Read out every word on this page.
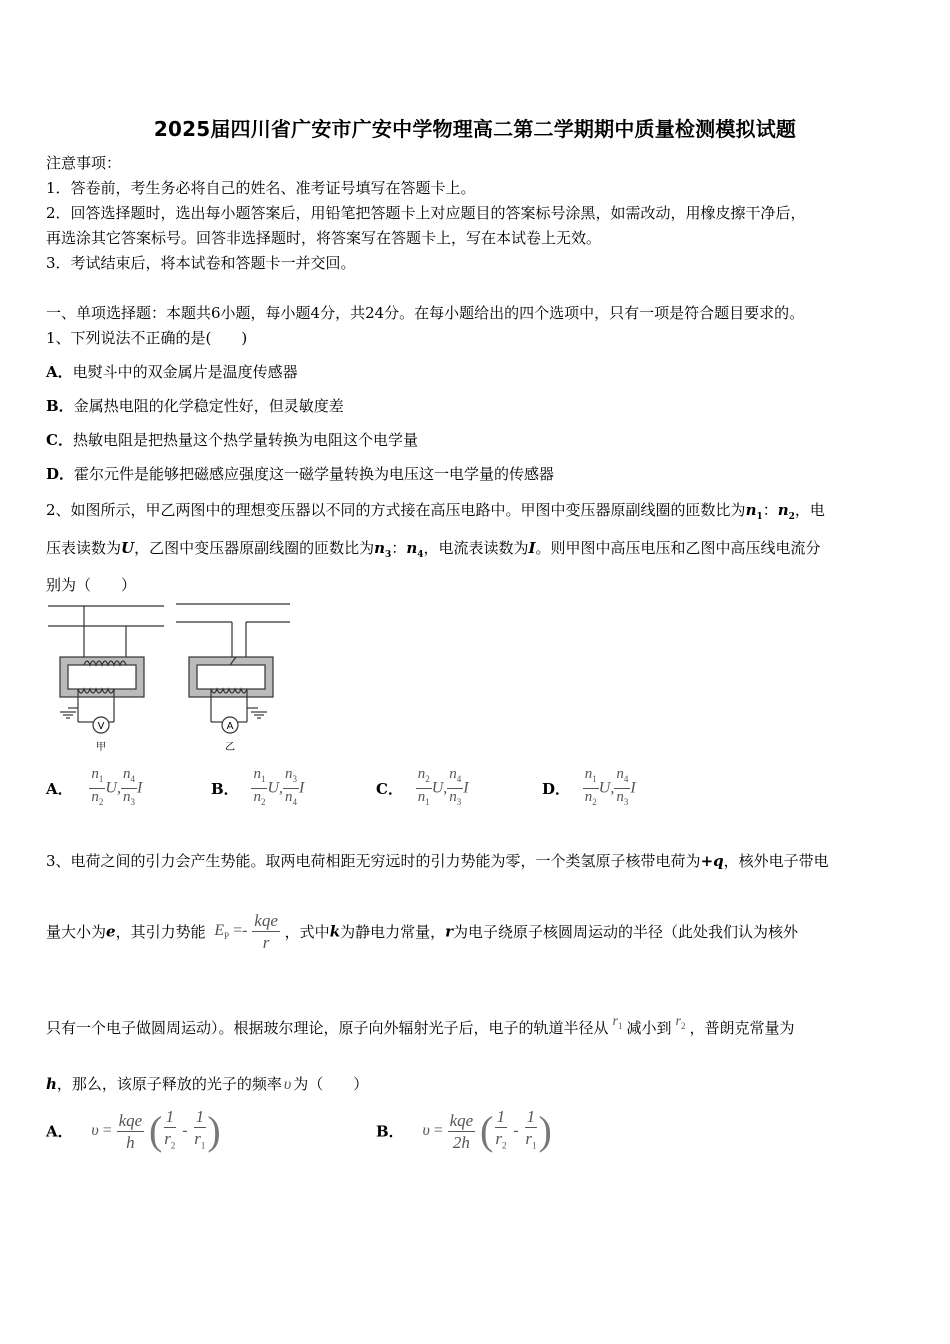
2025届四川省广安市广安中学物理高二第二学期期中质量检测模拟试题
注意事项：
1．答卷前，考生务必将自己的姓名、准考证号填写在答题卡上。
2．回答选择题时，选出每小题答案后，用铅笔把答题卡上对应题目的答案标号涂黑，如需改动，用橡皮擦干净后，
再选涂其它答案标号。回答非选择题时，将答案写在答题卡上，写在本试卷上无效。
3．考试结束后，将本试卷和答题卡一并交回。
一、单项选择题：本题共6小题，每小题4分，共24分。在每小题给出的四个选项中，只有一项是符合题目要求的。
1、下列说法不正确的是(　　)
A．电熨斗中的双金属片是温度传感器
B．金属热电阻的化学稳定性好，但灵敏度差
C．热敏电阻是把热量这个热学量转换为电阻这个电学量
D．霍尔元件是能够把磁感应强度这一磁学量转换为电压这一电学量的传感器
2、如图所示，甲乙两图中的理想变压器以不同的方式接在高压电路中。甲图中变压器原副线圈的匝数比为$n_1$：$n_2$，电
压表读数为U，乙图中变压器原副线圈的匝数比为$n_3$：$n_4$，电流表读数为I。则甲图中高压电压和乙图中高压线电流分
别为（　　）
V	A
甲	乙
A． $\frac{n_1}{n_2} U$, $\frac{n_4}{n_3}$ I	B． $\frac{n_1}{n_2} U$, $\frac{n_3}{n_4}$ I	C． $\frac{n_2}{n_1} U$, $\frac{n_4}{n_3}$ I	D． $\frac{n_1}{n_2} U$, $\frac{n_4}{n_3}$ I
3、电荷之间的引力会产生势能。取两电荷相距无穷远时的引力势能为零，一个类氢原子核带电荷为+q，核外电子带电
量大小为e，其引力势能 $E_P =- \frac{\text{kqe}}{r}$ ，式中k为静电力常量，r为电子绕原子核圆周运动的半径（此处我们认为核外
只有一个电子做圆周运动）。根据玻尔理论，原子向外辐射光子后，电子的轨道半径从 $r_1$ 减小到 $r_2$ ，普朗克常量为
h，那么，该原子释放的光子的频率 υ 为（　　）
A． $\upsilon = \frac{\text{kqe}}{h}$ ( $\frac{1}{r_2} - \frac{1}{r_1}$ )	B． $\upsilon = \frac{\text{kqe}}{2h}$ ( $\frac{1}{r_2} - \frac{1}{r_1}$ )
